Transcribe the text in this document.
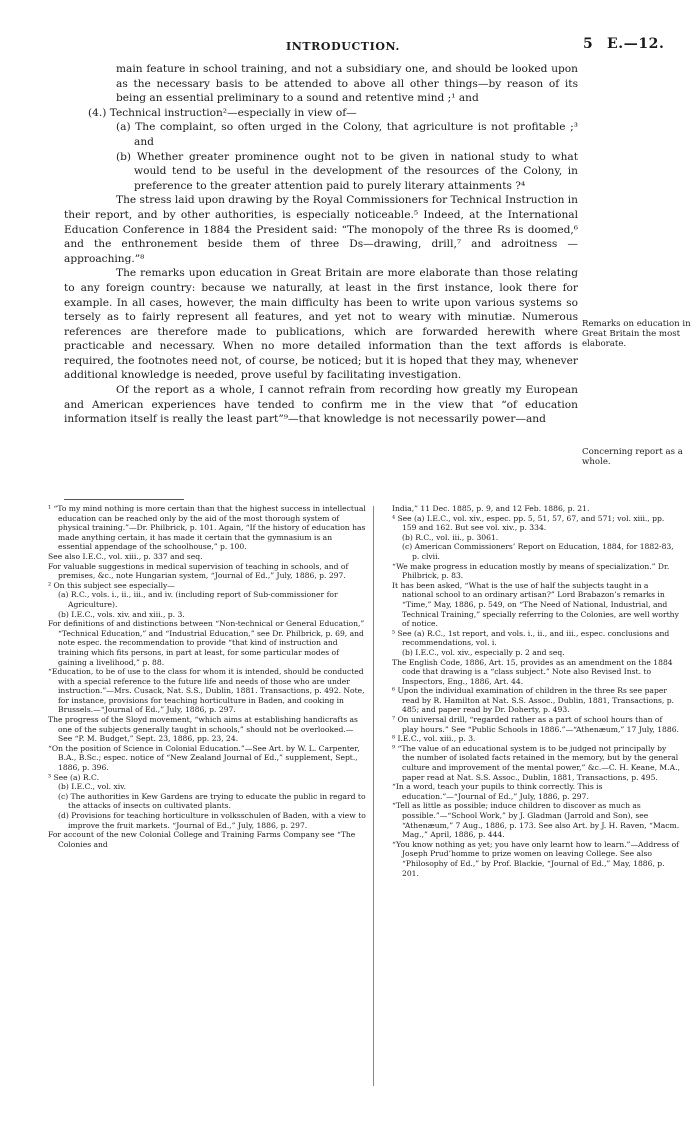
INTRODUCTION.	5 E.—12.

main feature in school training, and not a subsidiary one, and should be looked upon as the necessary basis to be attended to above all other things—by reason of its being an essential preliminary to a sound and retentive mind ;¹ and

(4.) Technical instruction²—especially in view of—

(a) The complaint, so often urged in the Colony, that agriculture is not profitable ;³ and

(b) Whether greater prominence ought not to be given in national study to what would tend to be useful in the development of the resources of the Colony, in preference to the greater attention paid to purely literary attainments ?⁴

The stress laid upon drawing by the Royal Commissioners for Technical Instruction in their report, and by other authorities, is especially noticeable.⁵ Indeed, at the International Education Conference in 1884 the President said: “The monopoly of the three Rs is doomed,⁶ and the enthronement beside them of three Ds—drawing, drill,⁷ and adroitness —approaching.”⁸

The remarks upon education in Great Britain are more elaborate than those relating to any foreign country: because we naturally, at least in the first instance, look there for example. In all cases, however, the main difficulty has been to write upon various systems so tersely as to fairly represent all features, and yet not to weary with minutiæ. Numerous references are therefore made to publications, which are forwarded herewith where practicable and necessary. When no more detailed information than the text affords is required, the footnotes need not, of course, be noticed; but it is hoped that they may, whenever additional knowledge is needed, prove useful by facilitating investigation.

Of the report as a whole, I cannot refrain from recording how greatly my European and American experiences have tended to confirm me in the view that “of education information itself is really the least part”⁹—that knowledge is not necessarily power—and

Remarks on education in Great Britain the most elaborate.
Concerning report as a whole.

¹ “To my mind nothing is more certain than that the highest success in intellectual education can be reached only by the aid of the most thorough system of physical training.”—Dr. Philbrick, p. 101. Again, “If the history of education has made anything certain, it has made it certain that the gymnasium is an essential appendage of the schoolhouse,” p. 100.

See also I.E.C., vol. xiii., p. 337 and seq.

For valuable suggestions in medical supervision of teaching in schools, and of premises, &c., note Hungarian system, “Journal of Ed.,” July, 1886, p. 297.

² On this subject see especially—

(a) R.C., vols. i., ii., iii., and iv. (including report of Sub-commissioner for Agriculture).

(b) I.E.C., vols. xiv. and xiii., p. 3.

For definitions of and distinctions between “Non-technical or General Education,” “Technical Education,” and “Industrial Education,” see Dr. Philbrick, p. 69, and note espec. the recommendation to provide “that kind of instruction and training which fits persons, in part at least, for some particular modes of gaining a livelihood,” p. 88.

“Education, to be of use to the class for whom it is intended, should be conducted with a special reference to the future life and needs of those who are under instruction.”—Mrs. Cusack, Nat. S.S., Dublin, 1881. Transactions, p. 492. Note, for instance, provisions for teaching horticulture in Baden, and cooking in Brussels.—“Journal of Ed.,” July, 1886, p. 297.

The progress of the Sloyd movement, “which aims at establishing handicrafts as one of the subjects generally taught in schools,” should not be overlooked.—See “P. M. Budget,” Sept. 23, 1886, pp. 23, 24.

“On the position of Science in Colonial Education.”—See Art. by W. L. Carpenter, B.A., B.Sc.; espec. notice of “New Zealand Journal of Ed.,” supplement, Sept., 1886, p. 396.

³ See (a) R.C.

(b) I.E.C., vol. xiv.

(c) The authorities in Kew Gardens are trying to educate the public in regard to the attacks of insects on cultivated plants.

(d) Provisions for teaching horticulture in volksschulen of Baden, with a view to improve the fruit markets. “Journal of Ed.,” July, 1886, p. 297.

For account of the new Colonial College and Training Farms Company see “The Colonies and

India,” 11 Dec. 1885, p. 9, and 12 Feb. 1886, p. 21.

⁴ See (a) I.E.C., vol. xiv., espec. pp. 5, 51, 57, 67, and 571; vol. xiii., pp. 159 and 162. But see vol. xiv., p. 334.

(b) R.C., vol. iii., p. 3061.

(c) American Commissioners’ Report on Education, 1884, for 1882-83, p. clvii.

“We make progress in education mostly by means of specialization.” Dr. Philbrick, p. 83.

It has been asked, “What is the use of half the subjects taught in a national school to an ordinary artisan?” Lord Brabazon’s remarks in “Time,” May, 1886, p. 549, on “The Need of National, Industrial, and Technical Training,” specially referring to the Colonies, are well worthy of notice.

⁵ See (a) R.C., 1st report, and vols. i., ii., and iii., espec. conclusions and recommendations, vol. i.

(b) I.E.C., vol. xiv., especially p. 2 and seq.

The English Code, 1886, Art. 15, provides as an amendment on the 1884 code that drawing is a “class subject.” Note also Revised Inst. to Inspectors, Eng., 1886, Art. 44.

⁶ Upon the individual examination of children in the three Rs see paper read by R. Hamilton at Nat. S.S. Assoc., Dublin, 1881, Transactions, p. 485; and paper read by Dr. Doherty, p. 493.

⁷ On universal drill, “regarded rather as a part of school hours than of play hours.” See “Public Schools in 1886.”—“Athenæum,” 17 July, 1886.

⁸ I.E.C., vol. xiii., p. 3.

⁹ “The value of an educational system is to be judged not principally by the number of isolated facts retained in the memory, but by the general culture and improvement of the mental power,” &c.—C. H. Keane, M.A., paper read at Nat. S.S. Assoc., Dublin, 1881, Transactions, p. 495.

“In a word, teach your pupils to think correctly. This is education.”—“Journal of Ed.,” July, 1886, p. 297.

“Tell as little as possible; induce children to discover as much as possible.”—“School Work,” by J. Gladman (Jarrold and Son), see “Athenæum,” 7 Aug., 1886, p. 173. See also Art. by J. H. Raven, “Macm. Mag.,” April, 1886, p. 444.

“You know nothing as yet; you have only learnt how to learn.”—Address of Joseph Prud’homme to prize women on leaving College. See also “Philosophy of Ed.,” by Prof. Blackie, “Journal of Ed.,” May, 1886, p. 201.
